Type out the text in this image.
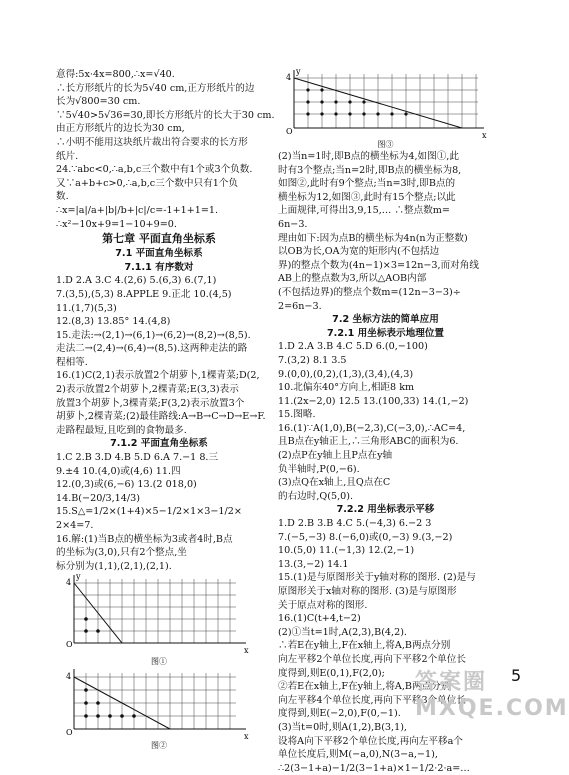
意得:5x·4x=800,∴x=√40.
∴长方形纸片的长为5√40 cm,正方形纸片的边
长为√800=30 cm.
∵5√40>5√36=30,即长方形纸片的长大于30 cm.
由正方形纸片的边长为30 cm,
∴小明不能用这块纸片裁出符合要求的长方形
纸片.
24.∵abc<0,∴a,b,c三个数中有1个或3个负数.
又∵a+b+c>0,∴a,b,c三个数中只有1个负
数.
∴x=|a|/a+|b|/b+|c|/c=-1+1+1=1.
∴x²−10x+9=1−10+9=0.
第七章 平面直角坐标系
7.1 平面直角坐标系
7.1.1 有序数对
1.D 2.A 3.C 4.(2,6) 5.(6,3) 6.(7,1)
7.(3,5),(5,3) 8.APPLE 9.正北 10.(4,5)
11.(1,7)(5,3)
12.(8,3) 13.85° 14.(4,8)
15.走法:→(2,1)→(6,1)→(6,2)→(8,2)→(8,5).
走法二→(2,4)→(6,4)→(8,5).这两种走法的路
程相等.
16.(1)C(2,1)表示放置2个胡萝卜,1棵青菜;D(2,
2)表示放置2个胡萝卜,2棵青菜;E(3,3)表示
放置3个胡萝卜,3棵青菜;F(3,2)表示放置3个
胡萝卜,2棵青菜;(2)最佳路线:A→B→C→D→E→F.
走路程最短,且吃到的食物最多.
7.1.2 平面直角坐标系
1.C 2.B 3.D 4.B 5.D 6.A 7.−1 8.三
9.±4 10.(4,0)或(4,6) 11.四
12.(0,3)或(6,−6) 13.(2 018,0)
14.B(−20/3,14/3)
15.S△=1/2×(1+4)×5−1/2×1×3−1/2×
2×4=7.
16.解:(1)当B点的横坐标为3或者4时,B点
的坐标为(3,0),只有2个整点,坐
标分别为(1,1),(2,1),(2,1).
4
O
x
y
图①
4
O	x
图②
4
O	x
y
图③
(2)当n=1时,即B点的横坐标为4,如图①,此
时有3个整点;当n=2时,即B点的横坐标为8,
如图②,此时有9个整点;当n=3时,即B点的
横坐标为12,如图③,此时有15个整点;以此
上面规律,可得出3,9,15,… ∴整点数m=
6n−3.
理由如下:因为点B的横坐标为4n(n为正整数)
以OB为长,OA为宽的矩形内(不包括边
界)的整点个数为(4n−1)×3=12n−3,而对角线
AB上的整点数为3,所以△AOB内部
(不包括边界)的整点个数m=(12n−3−3)÷
2=6n−3.
7.2 坐标方法的简单应用
7.2.1 用坐标表示地理位置
1.D 2.A 3.B 4.C 5.D 6.(0,−100)
7.(3,2) 8.1 3.5
9.(0,0),(0,2),(1,3),(3,4),(4,3)
10.北偏东40°方向上,相距8 km
11.(2x−2,0) 12.5 13.(100,33) 14.(1,−2)
15.图略.
16.(1)∵A(1,0),B(−2,3),C(−3,0),∴AC=4,
且B点在y轴正上,∴三角形ABC的面积为6.
(2)点P在y轴上且P点在y轴
负半轴时,P(0,−6).
(3)点Q在x轴上,且Q点在C
的右边时,Q(5,0).
7.2.2 用坐标表示平移
1.D 2.B 3.B 4.C 5.(−4,3) 6.−2 3
7.(−5,−3) 8.(−6,0)或(0,−3) 9.(3,−2)
10.(5,0) 11.(−1,3) 12.(2,−1)
13.(3,−2) 14.1
15.(1)是与原图形关于y轴对称的图形. (2)是与
原图形关于x轴对称的图形. (3)是与原图形
关于原点对称的图形.
16.(1)C(t+4,t−2)
(2)①当t=1时,A(2,3),B(4,2).
∴若E在y轴上,F在x轴上,将A,B两点分别
向左平移2个单位长度,再向下平移2个单位长
度得到,则E(0,1),F(2,0);
②若E在x轴上,F在y轴上,将A,B两点分别
向左平移4个单位长度,再向下平移3个单位长
度得到,则E(−2,0),F(0,−1).
(3)当t=0时,则A(1,2),B(3,1),
设将A向下平移2个单位长度,再向左平移a个
单位长度后,则M(−a,0),N(3−a,−1),
∴2(3−1+a)−1/2(3−1+a)×1−1/2·2·a=…
答案圈 MXQE.COM
5
